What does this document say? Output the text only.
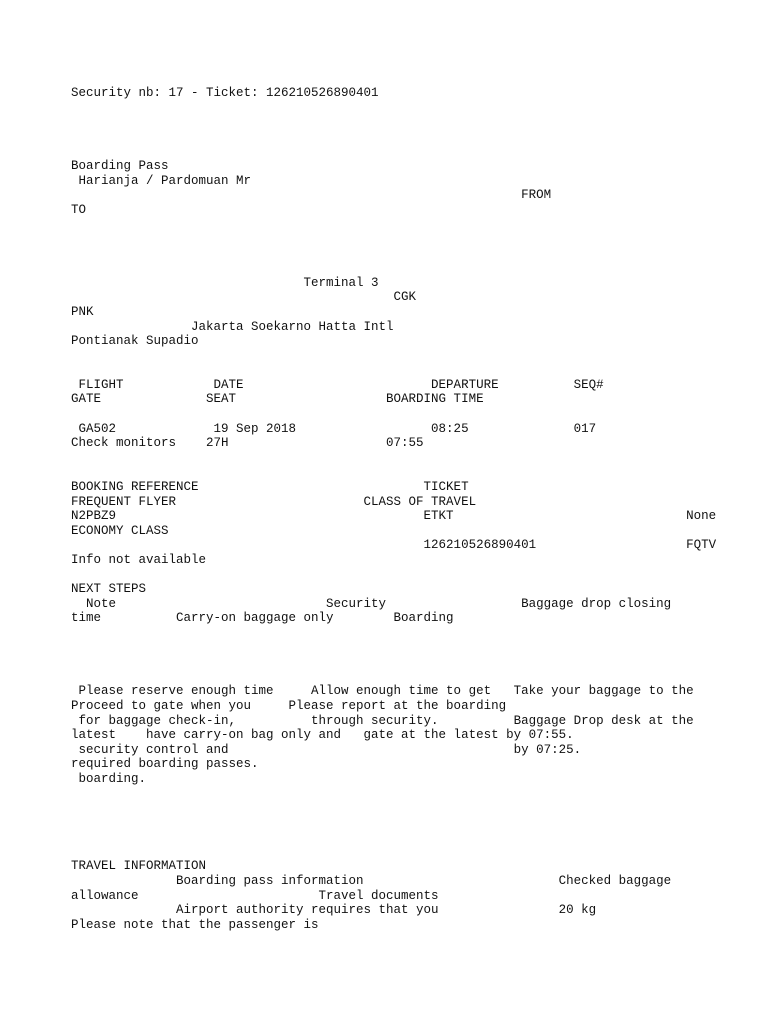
Security nb: 17 - Ticket: 126210526890401
Boarding Pass
Harianja / Pardomuan Mr
FROM
TO
Terminal 3
CGK
PNK
Jakarta Soekarno Hatta Intl
Pontianak Supadio
FLIGHT            DATE                         DEPARTURE          SEQ#
GATE              SEAT                    BOARDING TIME
GA502             19 Sep 2018                  08:25              017
Check monitors    27H                     07:55
BOOKING REFERENCE                              TICKET
FREQUENT FLYER                         CLASS OF TRAVEL
N2PBZ9                                         ETKT                               None
ECONOMY CLASS
126210526890401                    FQTV
Info not available
NEXT STEPS
Note                            Security                  Baggage drop closing
time          Carry-on baggage only        Boarding
Please reserve enough time     Allow enough time to get   Take your baggage to the
Proceed to gate when you     Please report at the boarding
for baggage check-in,          through security.          Baggage Drop desk at the
latest    have carry-on bag only and   gate at the latest by 07:55.
security control and                                      by 07:25.
required boarding passes.
boarding.
TRAVEL INFORMATION
Boarding pass information                          Checked baggage
allowance                        Travel documents
Airport authority requires that you                20 kg
Please note that the passenger is
